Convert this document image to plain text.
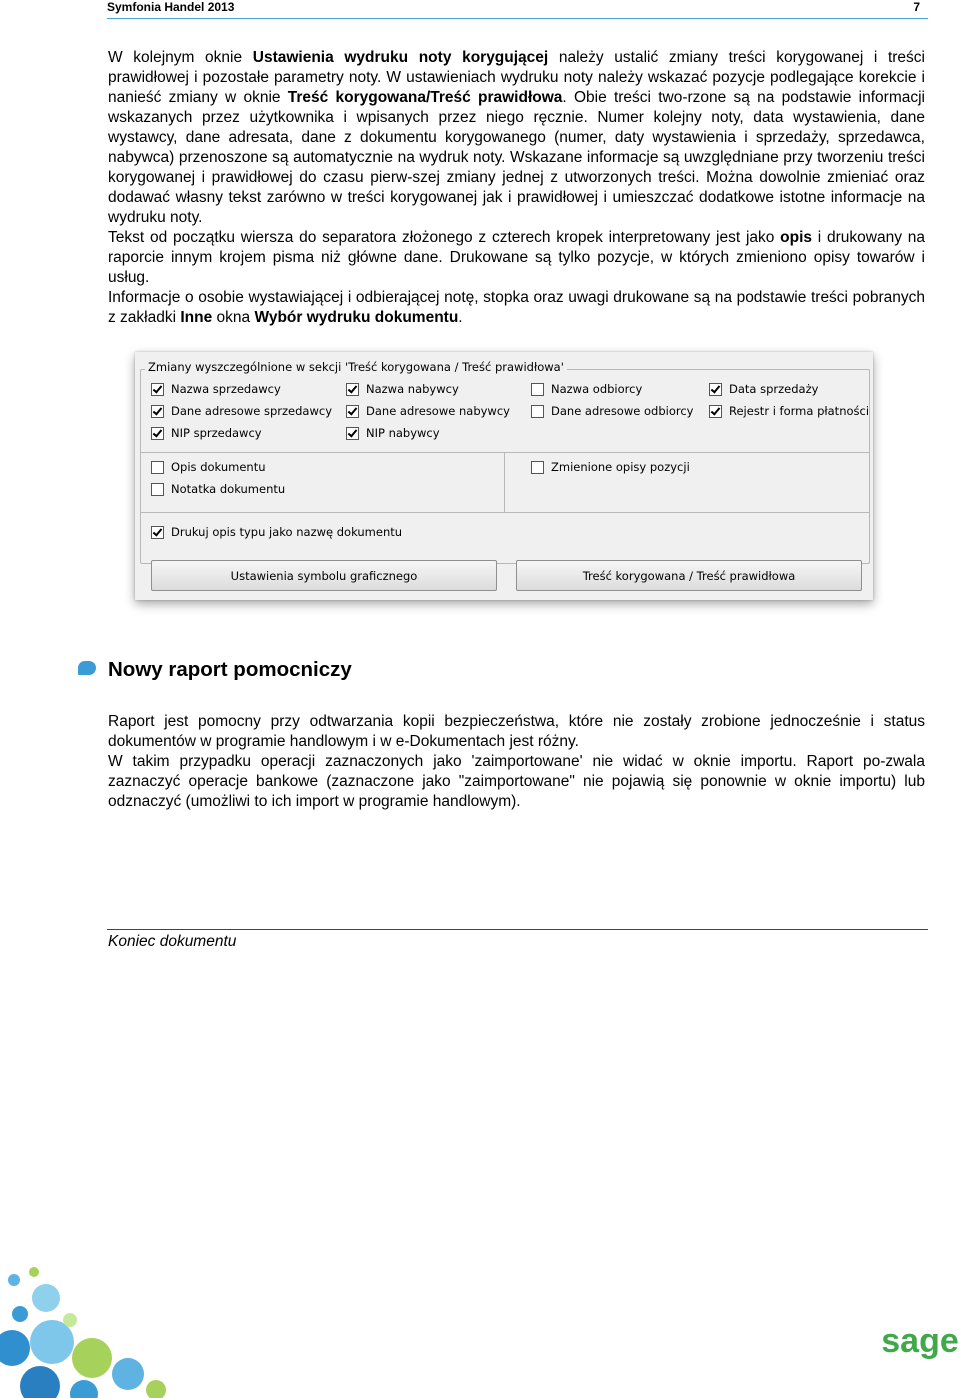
Symfonia Handel 2013	7
W kolejnym oknie Ustawienia wydruku noty korygującej należy ustalić zmiany treści korygowanej i treści prawidłowej i pozostałe parametry noty. W ustawieniach wydruku noty należy wskazać pozycje podlegające korekcie i nanieść zmiany w oknie Treść korygowana/Treść prawidłowa. Obie treści two-rzone są na podstawie informacji wskazanych przez użytkownika i wpisanych przez niego ręcznie. Numer kolejny noty, data wystawienia, dane wystawcy, dane adresata, dane z dokumentu korygowanego (numer, daty wystawienia i sprzedaży, sprzedawca, nabywca) przenoszone są automatycznie na wydruk noty. Wskazane informacje są uwzględniane przy tworzeniu treści korygowanej i prawidłowej do czasu pierw-szej zmiany jednej z utworzonych treści. Można dowolnie zmieniać oraz dodawać własny tekst zarówno w treści korygowanej jak i prawidłowej i umieszczać dodatkowe istotne informacje na wydruku noty.
Tekst od początku wiersza do separatora złożonego z czterech kropek interpretowany jest jako opis i drukowany na raporcie innym krojem pisma niż główne dane. Drukowane są tylko pozycje, w których zmieniono opisy towarów i usług.
Informacje o osobie wystawiającej i odbierającej notę, stopka oraz uwagi drukowane są na podstawie treści pobranych z zakładki Inne okna Wybór wydruku dokumentu.
Zmiany wyszczególnione w sekcji 'Treść korygowana / Treść prawidłowa'
Nazwa sprzedawcy
Dane adresowe sprzedawcy
NIP sprzedawcy
Nazwa nabywcy
Dane adresowe nabywcy
NIP nabywcy
Nazwa odbiorcy
Dane adresowe odbiorcy
Data sprzedaży
Rejestr i forma płatności
Opis dokumentu
Notatka dokumentu
Zmienione opisy pozycji
Drukuj opis typu jako nazwę dokumentu
Ustawienia symbolu graficznego	Treść korygowana / Treść prawidłowa
Nowy raport pomocniczy
Raport jest pomocny przy odtwarzania kopii bezpieczeństwa, które nie zostały zrobione jednocześnie i status dokumentów w programie handlowym i w e-Dokumentach jest różny.
W takim przypadku operacji zaznaczonych jako 'zaimportowane' nie widać w oknie importu. Raport po-zwala zaznaczyć operacje bankowe (zaznaczone jako "zaimportowane" nie pojawią się ponownie w oknie importu) lub odznaczyć (umożliwi to ich import w programie handlowym).
Koniec dokumentu
sage
